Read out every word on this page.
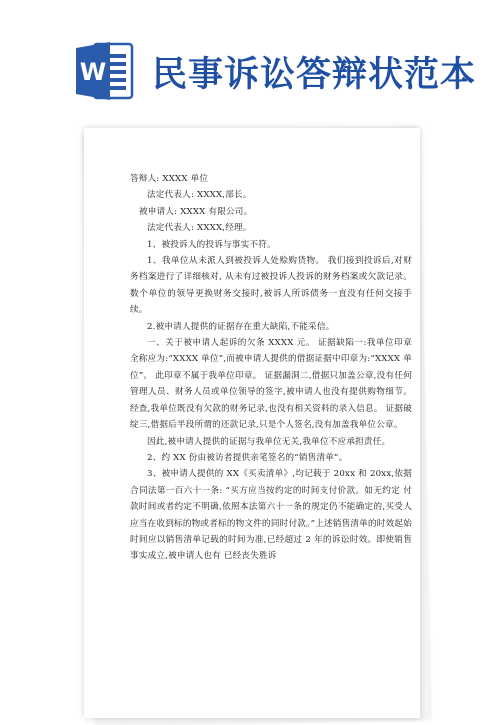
W 民事诉讼答辩状范本

答辩人: XXXX 单位

法定代表人: XXXX,部长。

被申请人: XXXX 有限公司。

法定代表人: XXXX,经理。

1、被投诉人的投诉与事实不符。

1、我单位从未派人到被投诉人处赊购货物。 我们接到投诉后,对财务档案进行了详细核对, 从未有过被投诉人投诉的财务档案或欠款记录。 数个单位的领导更换财务交接时,被诉人所诉债务一直没有任何交接手续。

2.被申请人提供的证据存在重大缺陷,不能采信。

一、关于被申请人起诉的欠条 XXXX 元。 证据缺陷一:我单位印章全称应为:“XXXX 单位”,而被申请人提供的借据证据中印章为:“XXXX 单位”。 此印章不属于我单位印章。 证据漏洞二,借据只加盖公章,没有任何管理人员、财务人员或单位领导的签字,被申请人也没有提供购物细节。 经查,我单位既没有欠款的财务记录,也没有相关资料的录入信息。 证据破绽三,借据后半段所谓的还款记录,只是个人签名,没有加盖我单位公章。

因此,被申请人提供的证据与我单位无关,我单位不应承担责任。

2、约 XX 份由被访者提供亲笔签名的“销售清单”。

3、被申请人提供的 XX《买卖清单》,均记载于 20xx 和 20xx,依据合同法第一百六十一条: “买方应当按约定的时间支付价款。如无约定 付款时间或者约定不明确,依照本法第六十一条的规定仍不能确定的,买受人应当在收到标的物或者标的物文件的同时付款。”上述销售清单的时效起始时间应以销售清单记载的时间为准,已经超过 2 年的诉讼时效。即使销售事实成立,被申请人也有 已经丧失胜诉
